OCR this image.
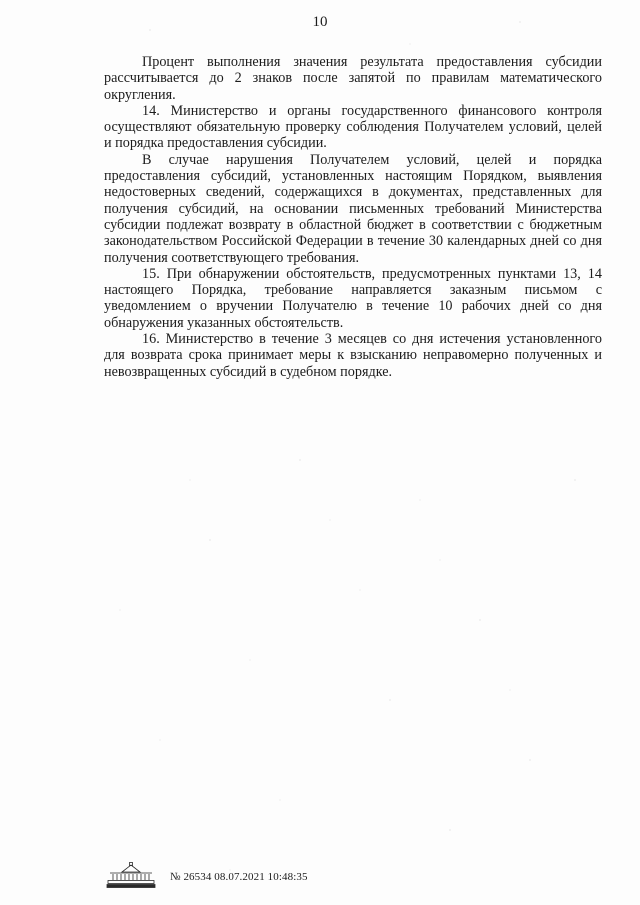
10

Процент выполнения значения результата предоставления субсидии рассчитывается до 2 знаков после запятой по правилам математического округления.

14. Министерство и органы государственного финансового контроля осуществляют обязательную проверку соблюдения Получателем условий, целей и порядка предоставления субсидии.

В случае нарушения Получателем условий, целей и порядка предоставления субсидий, установленных настоящим Порядком, выявления недостоверных сведений, содержащихся в документах, представленных для получения субсидий, на основании письменных требований Министерства субсидии подлежат возврату в областной бюджет в соответствии с бюджетным законодательством Российской Федерации в течение 30 календарных дней со дня получения соответствующего требования.

15. При обнаружении обстоятельств, предусмотренных пунктами 13, 14 настоящего Порядка, требование направляется заказным письмом с уведомлением о вручении Получателю в течение 10 рабочих дней со дня обнаружения указанных обстоятельств.

16. Министерство в течение 3 месяцев со дня истечения установленного для возврата срока принимает меры к взысканию неправомерно полученных и невозвращенных субсидий в судебном порядке.

№ 26534 08.07.2021 10:48:35
